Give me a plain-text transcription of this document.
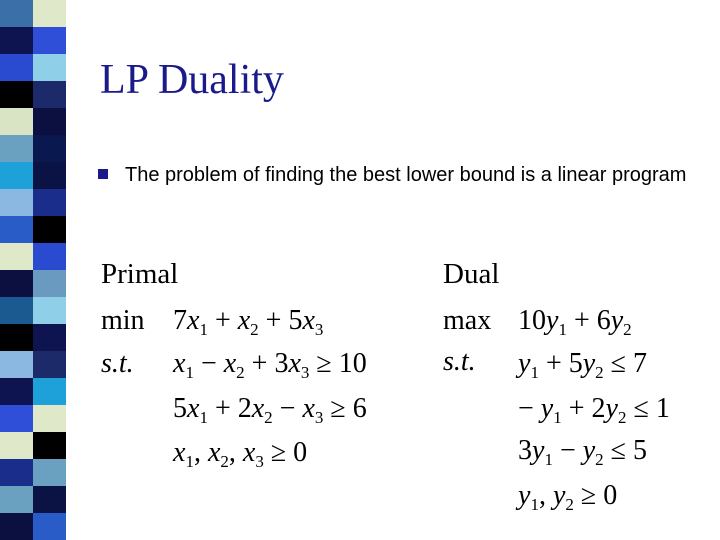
LP Duality
The problem of finding the best lower bound is a linear program
Primal
min
s.t.
$7x_1 + x_2 + 5x_3$
$x_1 - x_2 + 3x_3 \ge 10$
$5x_1 + 2x_2 - x_3 \ge 6$
$x_1$, $x_2$, $x_3 \ge 0$
Dual
max
s.t.
$10y_1 + 6y_2$
$y_1 + 5y_2 \le 7$
− $y_1 + 2y_2 \le 1$
$3y_1 - y_2 \le 5$
$y_1$, $y_2 \ge 0$
